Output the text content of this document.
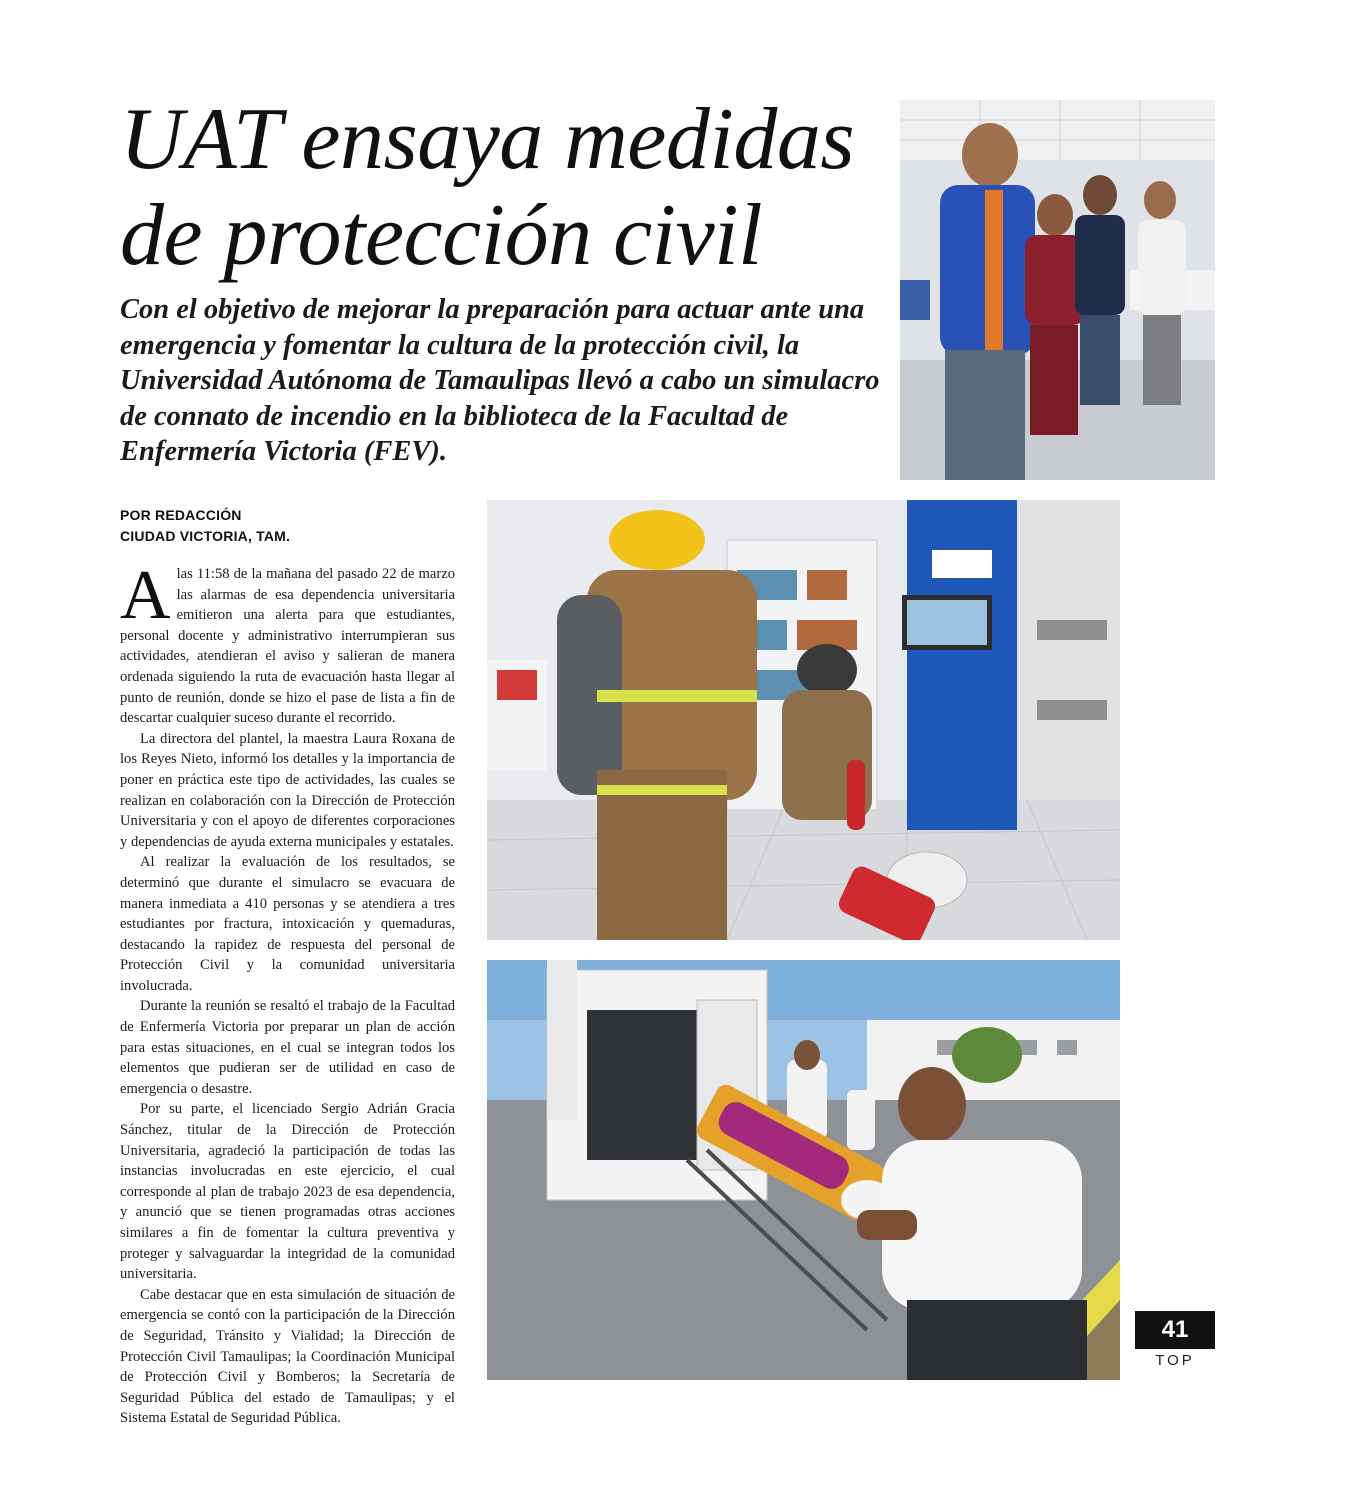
UAT ensaya medidas
de protección civil

Con el objetivo de mejorar la preparación para actuar ante una emergencia y fomentar la cultura de la protección civil, la Universidad Autónoma de Tamaulipas llevó a cabo un simulacro de connato de incendio en la biblioteca de la Facultad de Enfermería Victoria (FEV).

POR REDACCIÓN
CIUDAD VICTORIA, TAM.

Alas 11:58 de la mañana del pasado 22 de marzo las alarmas de esa dependencia universitaria emitieron una alerta para que estudiantes, personal docente y administrativo interrumpieran sus actividades, atendieran el aviso y salieran de manera ordenada siguiendo la ruta de evacuación hasta llegar al punto de reunión, donde se hizo el pase de lista a fin de descartar cualquier suceso durante el recorrido.

La directora del plantel, la maestra Laura Roxana de los Reyes Nieto, informó los detalles y la importancia de poner en práctica este tipo de actividades, las cuales se realizan en colaboración con la Dirección de Protección Universitaria y con el apoyo de diferentes corporaciones y dependencias de ayuda externa municipales y estatales.

Al realizar la evaluación de los resultados, se determinó que durante el simulacro se evacuara de manera inmediata a 410 personas y se atendiera a tres estudiantes por fractura, intoxicación y quemaduras, destacando la rapidez de respuesta del personal de Protección Civil y la comunidad universitaria involucrada.

Durante la reunión se resaltó el trabajo de la Facultad de Enfermería Victoria por preparar un plan de acción para estas situaciones, en el cual se integran todos los elementos que pudieran ser de utilidad en caso de emergencia o desastre.

Por su parte, el licenciado Sergio Adrián Gracia Sánchez, titular de la Dirección de Protección Universitaria, agradeció la participación de todas las instancias involucradas en este ejercicio, el cual corresponde al plan de trabajo 2023 de esa dependencia, y anunció que se tienen programadas otras acciones similares a fin de fomentar la cultura preventiva y proteger y salvaguardar la integridad de la comunidad universitaria.

Cabe destacar que en esta simulación de situación de emergencia se contó con la participación de la Dirección de Seguridad, Tránsito y Vialidad; la Dirección de Protección Civil Tamaulipas; la Coordinación Municipal de Protección Civil y Bomberos; la Secretaría de Seguridad Pública del estado de Tamaulipas; y el Sistema Estatal de Seguridad Pública.

41
TOP
